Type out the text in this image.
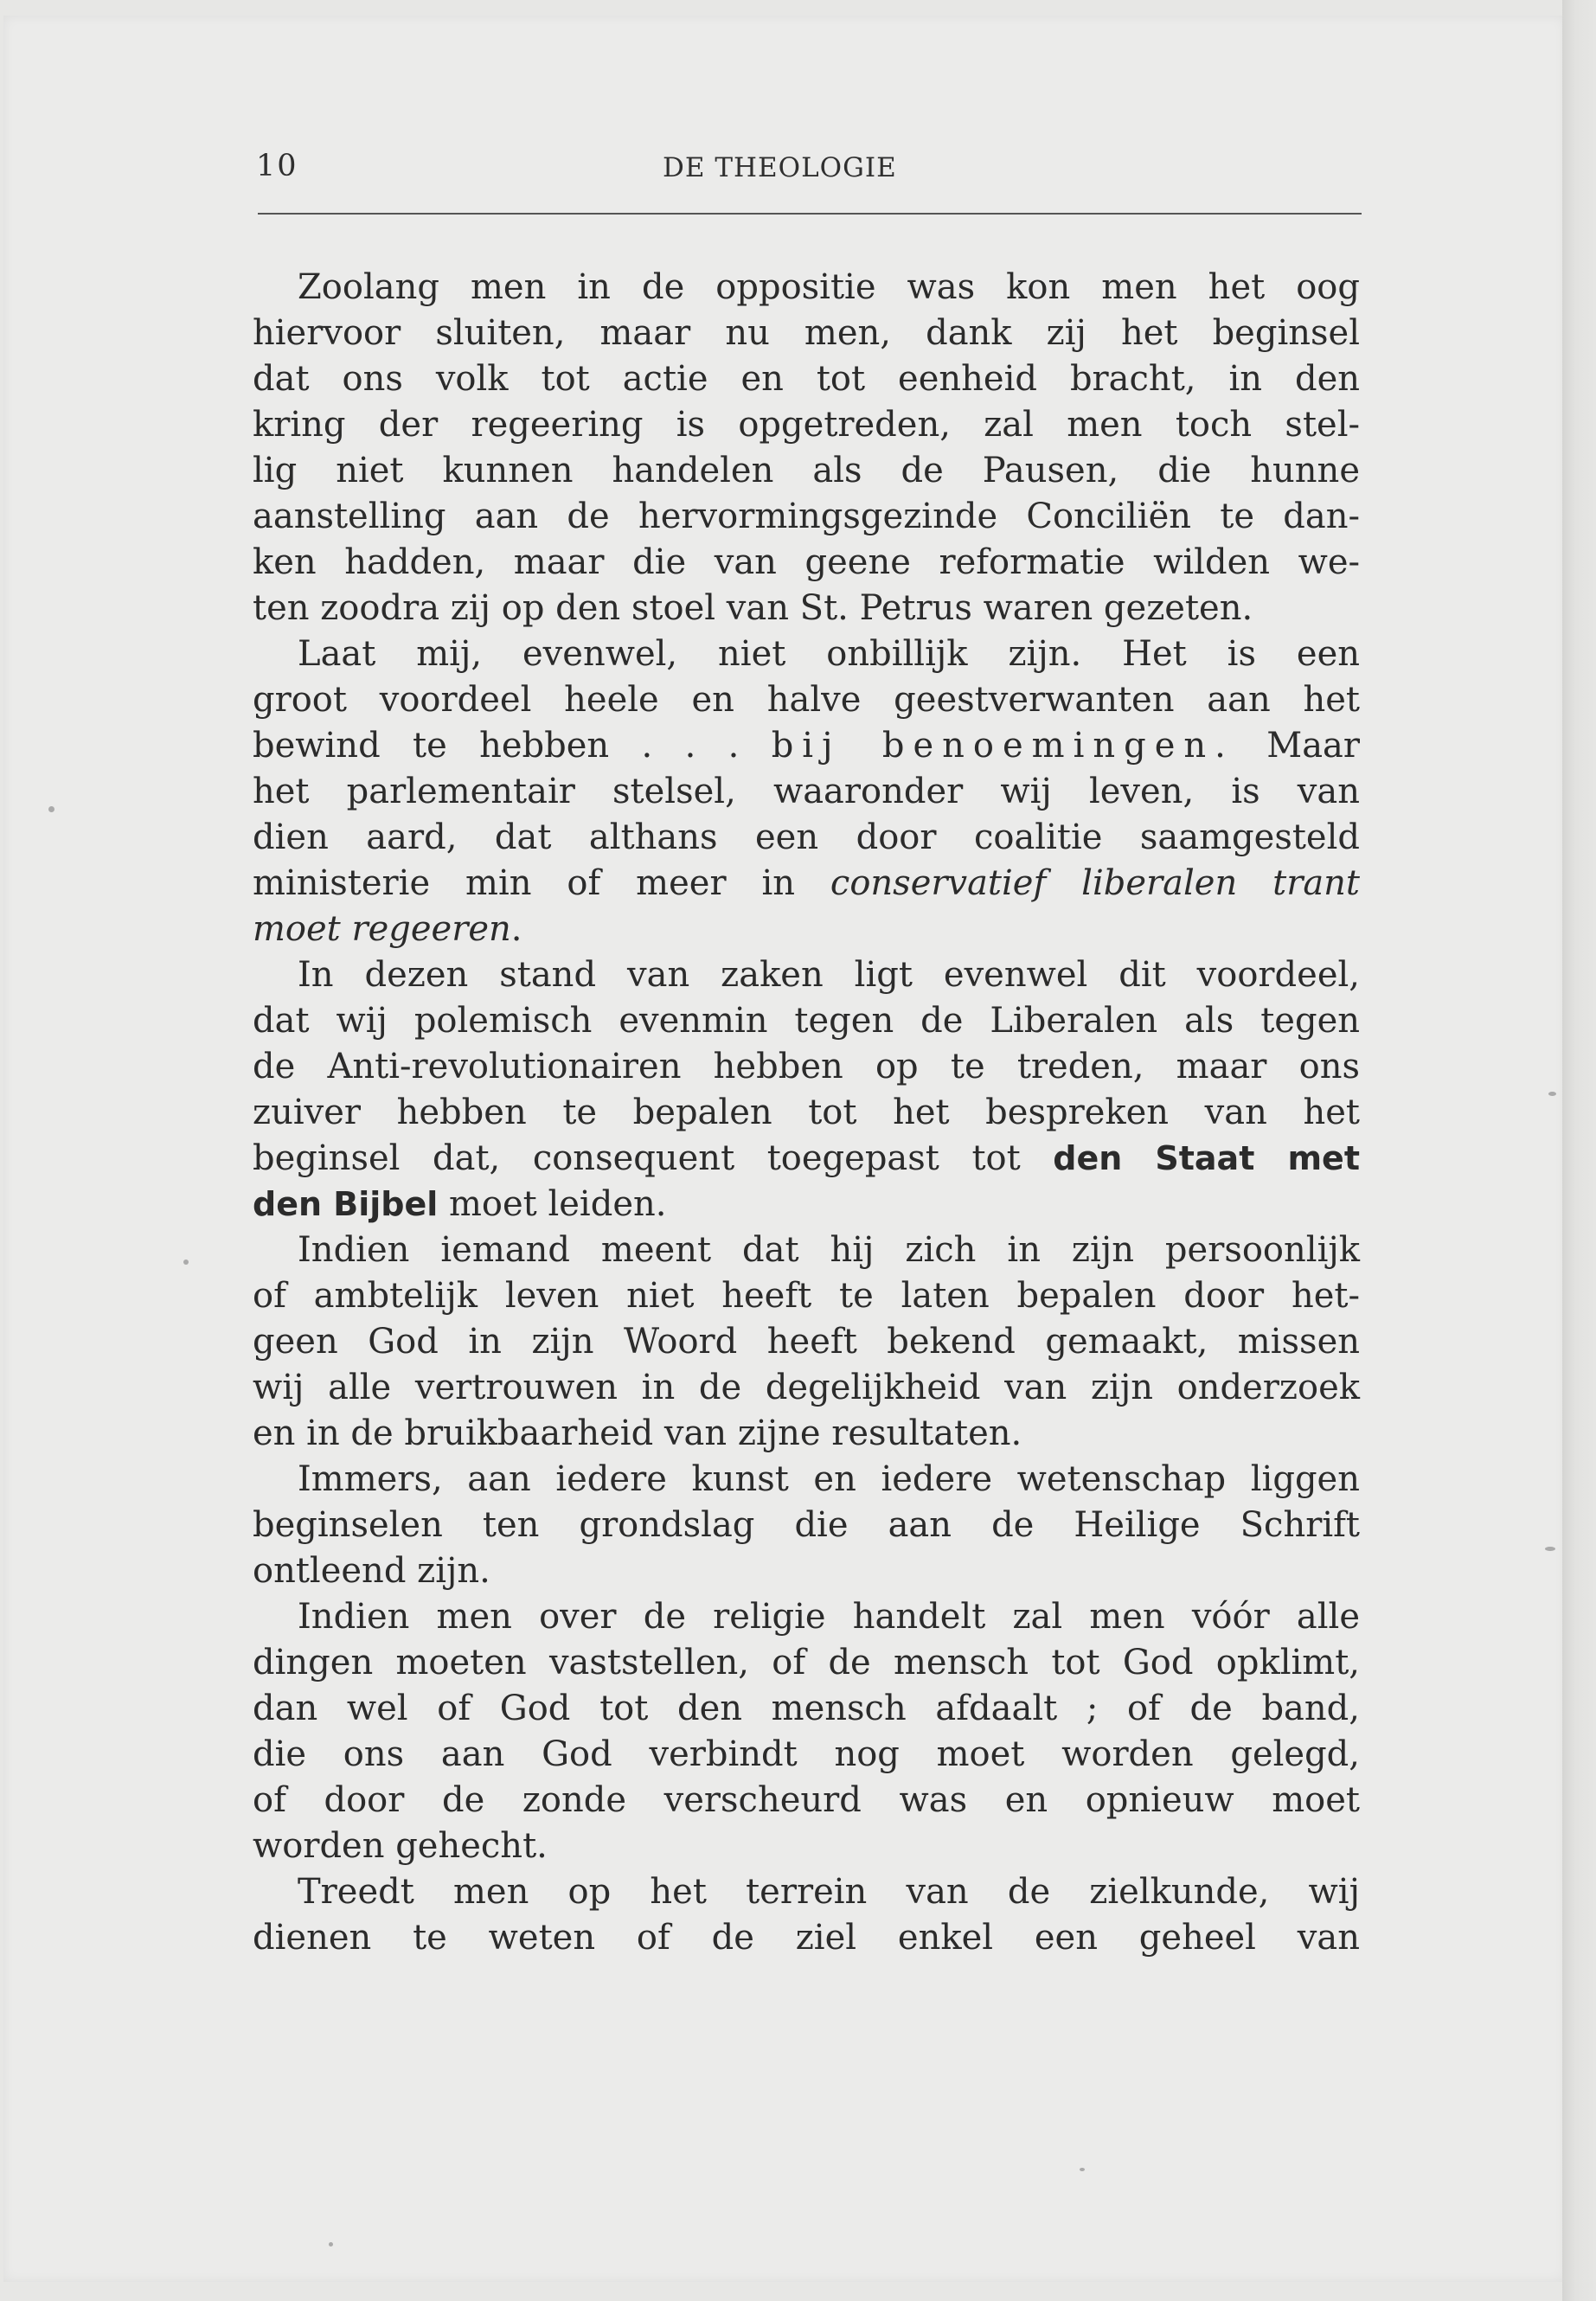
10	DE THEOLOGIE
Zoolang men in de oppositie was kon men het oog
hiervoor sluiten, maar nu men, dank zij het beginsel
dat ons volk tot actie en tot eenheid bracht, in den
kring der regeering is opgetreden, zal men toch stel-
lig niet kunnen handelen als de Pausen, die hunne
aanstelling aan de hervormingsgezinde Conciliën te dan-
ken hadden, maar die van geene reformatie wilden we-
ten zoodra zij op den stoel van St. Petrus waren gezeten.
Laat mij, evenwel, niet onbillijk zijn. Het is een
groot voordeel heele en halve geestverwanten aan het
bewind te hebben . . . bij benoemingen. Maar
het parlementair stelsel, waaronder wij leven, is van
dien aard, dat althans een door coalitie saamgesteld
ministerie min of meer in conservatief liberalen trant
moet regeeren.
In dezen stand van zaken ligt evenwel dit voordeel,
dat wij polemisch evenmin tegen de Liberalen als tegen
de Anti-revolutionairen hebben op te treden, maar ons
zuiver hebben te bepalen tot het bespreken van het
beginsel dat, consequent toegepast tot den Staat met
den Bijbel moet leiden.
Indien iemand meent dat hij zich in zijn persoonlijk
of ambtelijk leven niet heeft te laten bepalen door het-
geen God in zijn Woord heeft bekend gemaakt, missen
wij alle vertrouwen in de degelijkheid van zijn onderzoek
en in de bruikbaarheid van zijne resultaten.
Immers, aan iedere kunst en iedere wetenschap liggen
beginselen ten grondslag die aan de Heilige Schrift
ontleend zijn.
Indien men over de religie handelt zal men vóór alle
dingen moeten vaststellen, of de mensch tot God opklimt,
dan wel of God tot den mensch afdaalt ; of de band,
die ons aan God verbindt nog moet worden gelegd,
of door de zonde verscheurd was en opnieuw moet
worden gehecht.
Treedt men op het terrein van de zielkunde, wij
dienen te weten of de ziel enkel een geheel van
